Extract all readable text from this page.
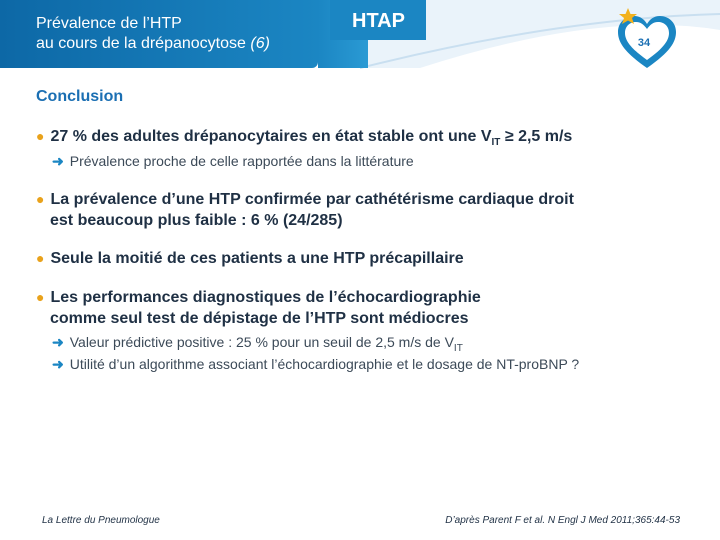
Prévalence de l’HTP
au cours de la drépanocytose (6)
HTAP
34
Conclusion
● 27 % des adultes drépanocytaires en état stable ont une $V_{IT} \ge 2,5$ m/s
➜ Prévalence proche de celle rapportée dans la littérature
● La prévalence d’une HTP confirmée par cathétérisme cardiaque droit
est beaucoup plus faible : 6 % (24/285)
● Seule la moitié de ces patients a une HTP précapillaire
● Les performances diagnostiques de l’échocardiographie
comme seul test de dépistage de l’HTP sont médiocres
➜ Valeur prédictive positive : 25 % pour un seuil de 2,5 m/s de $V_{IT}$
➜ Utilité d’un algorithme associant l’échocardiographie et le dosage de NT-proBNP ?
La Lettre du Pneumologue	D’après Parent F et al. N Engl J Med 2011;365:44-53
